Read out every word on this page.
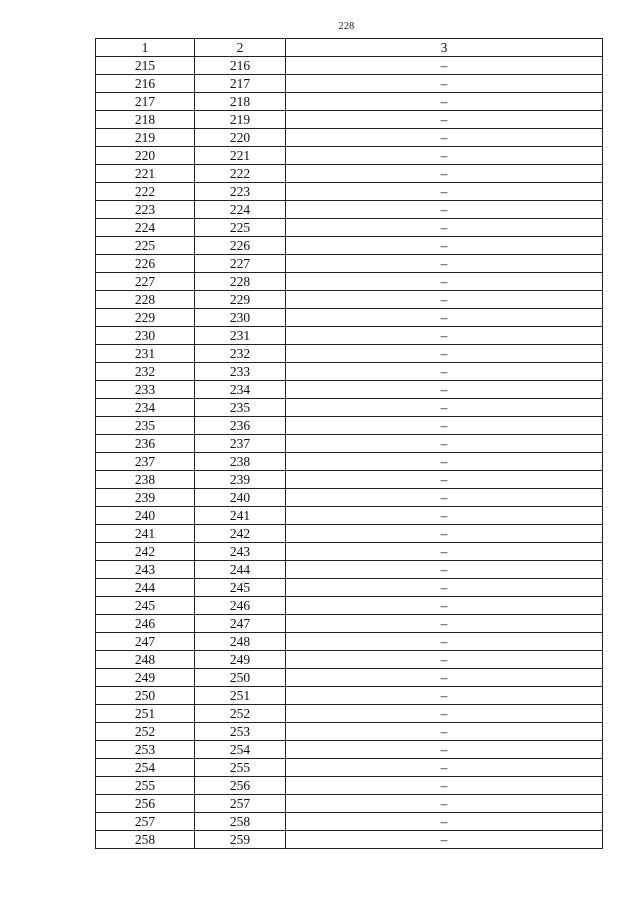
228
1	2	3
215	216	–
216	217	–
217	218	–
218	219	–
219	220	–
220	221	–
221	222	–
222	223	–
223	224	–
224	225	–
225	226	–
226	227	–
227	228	–
228	229	–
229	230	–
230	231	–
231	232	–
232	233	–
233	234	–
234	235	–
235	236	–
236	237	–
237	238	–
238	239	–
239	240	–
240	241	–
241	242	–
242	243	–
243	244	–
244	245	–
245	246	–
246	247	–
247	248	–
248	249	–
249	250	–
250	251	–
251	252	–
252	253	–
253	254	–
254	255	–
255	256	–
256	257	–
257	258	–
258	259	–
